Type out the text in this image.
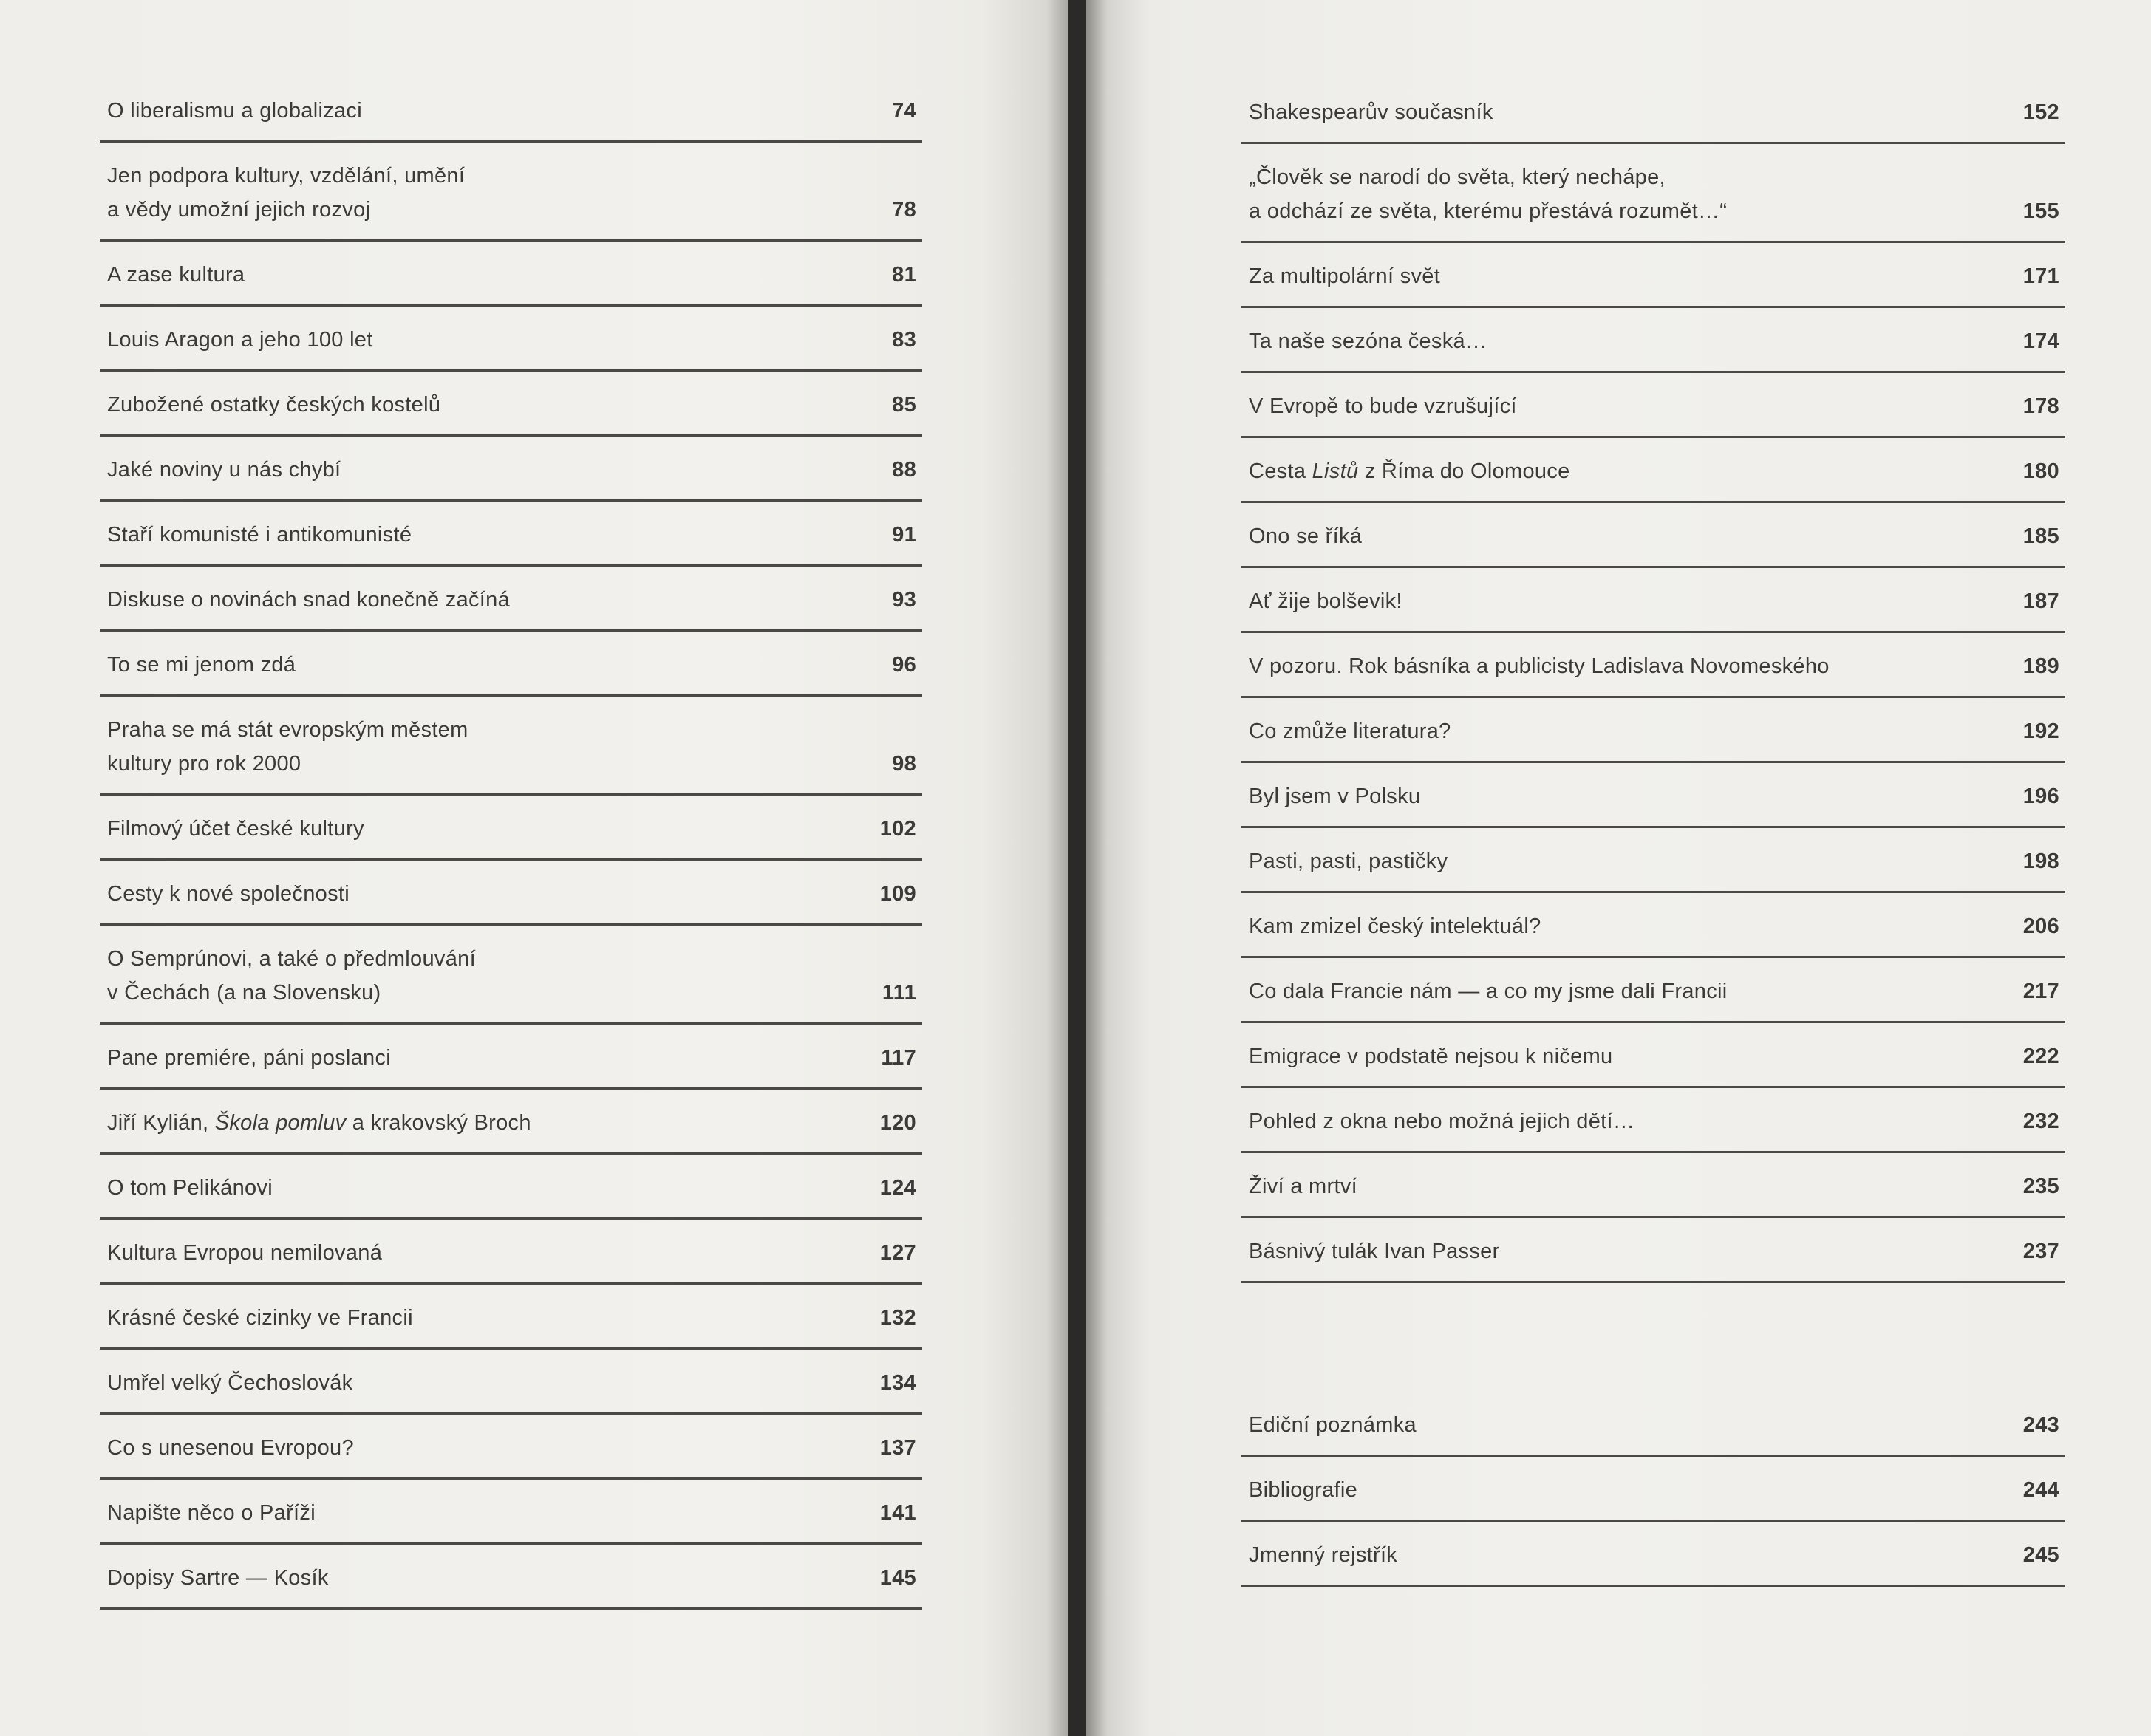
O liberalismu a globalizaci	74
Jen podpora kultury, vzdělání, umění
a vědy umožní jejich rozvoj	78
A zase kultura	81
Louis Aragon a jeho 100 let	83
Zubožené ostatky českých kostelů	85
Jaké noviny u nás chybí	88
Staří komunisté i antikomunisté	91
Diskuse o novinách snad konečně začíná	93
To se mi jenom zdá	96
Praha se má stát evropským městem
kultury pro rok 2000	98
Filmový účet české kultury	102
Cesty k nové společnosti	109
O Semprúnovi, a také o předmlouvání
v Čechách (a na Slovensku)	111
Pane premiére, páni poslanci	117
Jiří Kylián, Škola pomluv a krakovský Broch	120
O tom Pelikánovi	124
Kultura Evropou nemilovaná	127
Krásné české cizinky ve Francii	132
Umřel velký Čechoslovák	134
Co s unesenou Evropou?	137
Napište něco o Paříži	141
Dopisy Sartre — Kosík	145
Shakespearův současník	152
„Člověk se narodí do světa, který nechápe,
a odchází ze světa, kterému přestává rozumět…“	155
Za multipolární svět	171
Ta naše sezóna česká…	174
V Evropě to bude vzrušující	178
Cesta Listů z Říma do Olomouce	180
Ono se říká	185
Ať žije bolševik!	187
V pozoru. Rok básníka a publicisty Ladislava Novomeského	189
Co zmůže literatura?	192
Byl jsem v Polsku	196
Pasti, pasti, pastičky	198
Kam zmizel český intelektuál?	206
Co dala Francie nám — a co my jsme dali Francii	217
Emigrace v podstatě nejsou k ničemu	222
Pohled z okna nebo možná jejich dětí…	232
Živí a mrtví	235
Básnivý tulák Ivan Passer	237
Ediční poznámka	243
Bibliografie	244
Jmenný rejstřík	245
